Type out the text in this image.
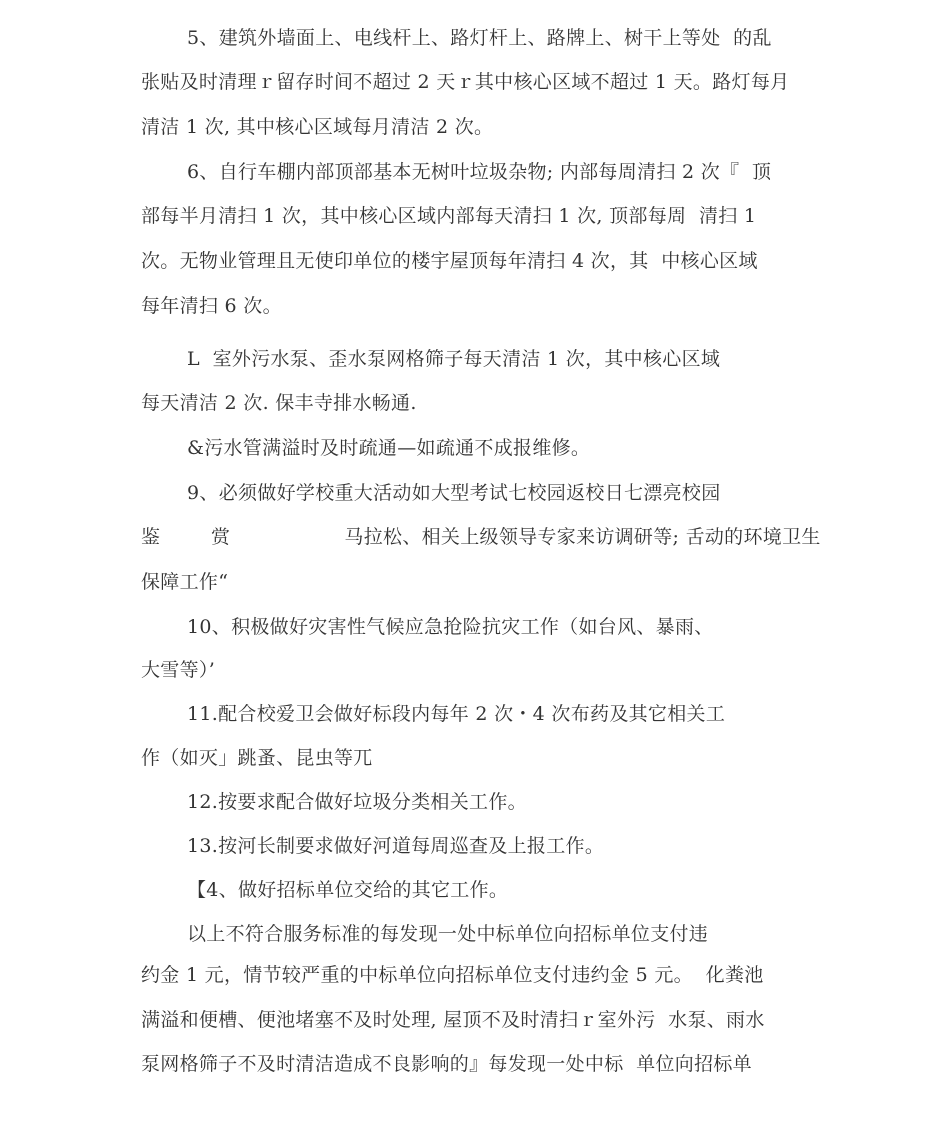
5、建筑外墙面上、电线杆上、路灯杆上、路牌上、树干上等处  的乱
张贴及时清理ｒ留存时间不超过 2 天ｒ其中核心区域不超过 1 天。路灯每月
清洁 1 次, 其中核心区域每月清洁 2 次。
6、自行车棚内部顶部基本无树叶垃圾杂物; 内部每周清扫 2 次『  顶
部每半月清扫 1 次，其中核心区域内部每天清扫 1 次, 顶部每周  清扫 1
次。无物业管理且无使印单位的楼宇屋顶每年清扫 4 次，其  中核心区域
每年清扫 6 次。
L  室外污水泵、歪水泵网格筛子每天清洁 1 次，其中核心区域
每天清洁 2 次. 保丰寺排水畅通.
&污水管满溢时及时疏通—如疏通不成报维修。
9、必须做好学校重大活动如大型考试七校园返校日七漂亮校园
鉴        赏                  马拉松、相关上级领导专家来访调研等; 舌动的环境卫生
保障工作“
10、积极做好灾害性气候应急抢险抗灾工作（如台风、暴雨、
大雪等）’
11.配合校爱卫会做好标段内每年 2 次・4 次布药及其它相关工
作（如灭」跳蚤、昆虫等兀
12.按要求配合做好垃圾分类相关工作。
13.按河长制要求做好河道每周巡查及上报工作。
【4、做好招标单位交给的其它工作。
以上不符合服务标准的每发现一处中标单位向招标单位支付违
约金 1 元，情节较严重的中标单位向招标单位支付违约金 5 元。  化粪池
满溢和便槽、便池堵塞不及时处理, 屋顶不及时清扫ｒ室外污  水泵、雨水
泵网格筛子不及时清洁造成不良影响的』每发现一处中标  单位向招标单
